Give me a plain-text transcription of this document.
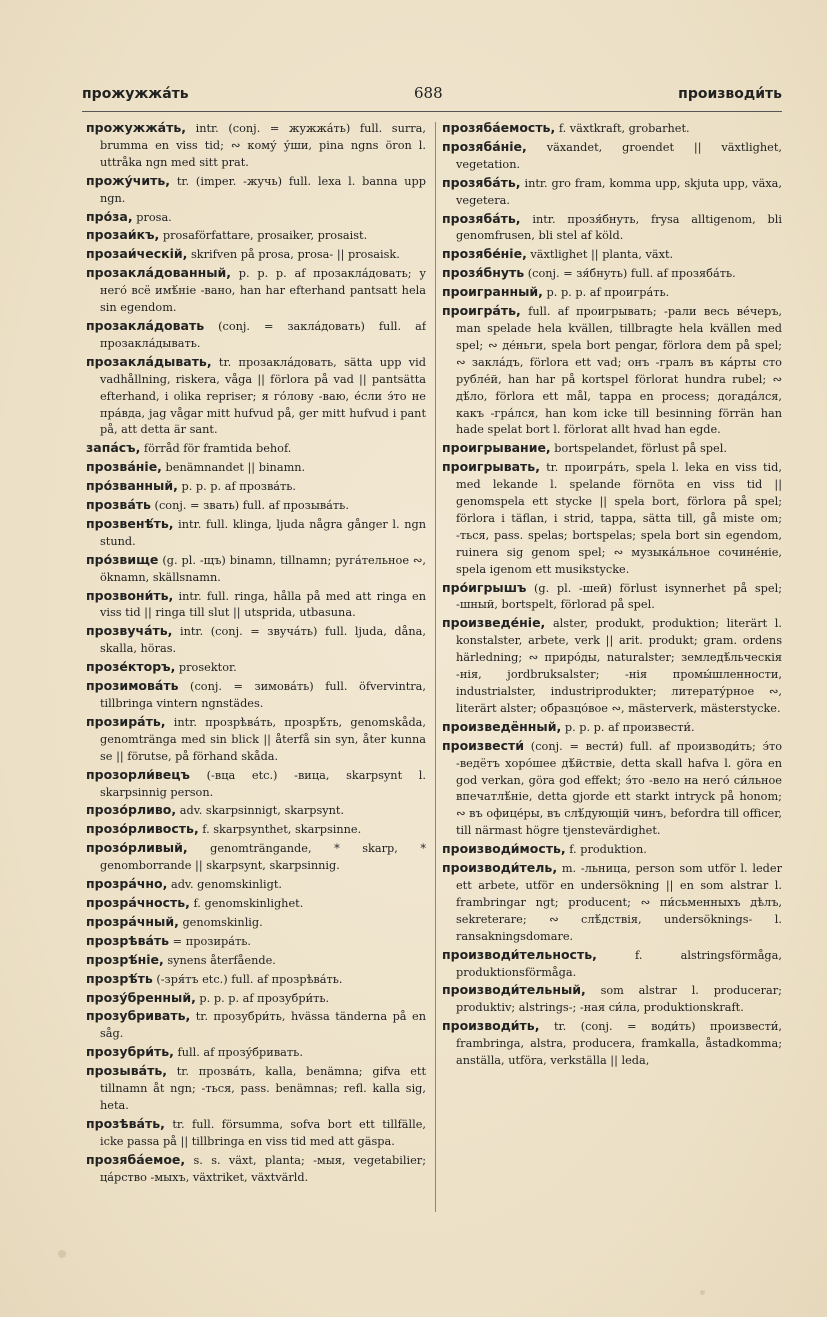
прожужжáть	688	производи́ть

прожужжáть, intr. (conj. = жужжáть) full. surra, brumma en viss tid; ∾ кому́ у́ши, pina ngns öron l. uttråka ngn med sitt prat.

прожу́чить, tr. (imper. -жучь) full. lexa l. banna upp ngn.

про́за, prosa.

прозаи́къ, prosaförfattare, prosaiker, prosaist.

прозаи́ческій, skrifven på prosa, prosa- || prosaisk.

прозаклáдованный, p. p. p. af прозаклáдовать; у него́ всё имѣ́ніе -вано, han har efterhand pantsatt hela sin egendom.

прозаклáдовать (conj. = заклáдовать) full. af прозаклáдывать.

прозаклáдывать, tr. прозаклáдовать, sätta upp vid vadhållning, riskera, våga || förlora på vad || pantsätta efterhand, i olika repriser; я го́лову -ваю, е́сли э́то не прáвда, jag vågar mitt hufvud på, ger mitt hufvud i pant på, att detta är sant.

запáсъ, förråd för framtida behof.

прозвáніе, benämnandet || binamn.

про́званный, p. p. p. af прозвáть.

прозвáть (conj. = звать) full. af прозывáть.

прозвенѣ́ть, intr. full. klinga, ljuda några gånger l. ngn stund.

про́звище (g. pl. -щъ) binamn, tillnamn; ругáтельное ∾, öknamn, skällsnamn.

прозвони́ть, intr. full. ringa, hålla på med att ringa en viss tid || ringa till slut || utsprida, utbasuna.

прозвучáть, intr. (conj. = звучáть) full. ljuda, dåna, skalla, höras.

прозе́кторъ, prosektor.

прозимовáть (conj. = зимовáть) full. öfvervintra, tillbringa vintern ngnstädes.

прозирáть, intr. прозрѣвáть, прозрѣ́ть, genomskåda, genomtränga med sin blick || återfå sin syn, åter kunna se || förutse, på förhand skåda.

прозорли́вецъ (-вца etc.) -вица, skarpsynt l. skarpsinnig person.

прозо́рливо, adv. skarpsinnigt, skarpsynt.

прозо́рливость, f. skarpsynthet, skarpsinne.

прозо́рливый, genomträngande, * skarp, * genomborrande || skarpsynt, skarpsinnig.

прозрáчно, adv. genomskinligt.

прозрáчность, f. genomskinlighet.

прозрáчный, genomskinlig.

прозрѣвáть = прозирáть.

прозрѣ́ніе, synens återfående.

прозрѣ́ть (-зря́тъ etc.) full. af прозрѣвáть.

прозу́бренный, p. p. p. af прозубри́ть.

прозубривать, tr. прозубри́ть, hvässa tänderna på en såg.

прозубри́ть, full. af прозу́бривать.

прозывáть, tr. прозвáть, kalla, benämna; gifva ett tillnamn åt ngn; -ться, pass. benämnas; refl. kalla sig, heta.

прозѣвáть, tr. full. försumma, sofva bort ett tillfälle, icke passa på || tillbringa en viss tid med att gäspa.

прозябáемое, s. s. växt, planta; -мыя, vegetabilier; цáрство -мыхъ, växtriket, växtvärld.

прозябáемость, f. växtkraft, grobarhet.

прозябáніе, växandet, groendet || växtlighet, vegetation.

прозябáть, intr. gro fram, komma upp, skjuta upp, växa, vegetera.

прозябáть, intr. прозя́бнуть, frysa alltigenom, bli genomfrusen, bli stel af köld.

прозябе́ніе, växtlighet || planta, växt.

прозя́бнуть (conj. = зя́бнуть) full. af прозябáть.

проигранный, p. p. p. af проигрáть.

проигрáть, full. af проигрывать; -рали весь ве́черъ, man spelade hela kvällen, tillbragte hela kvällen med spel; ∾ де́ньги, spela bort pengar, förlora dem på spel; ∾ заклáдъ, förlora ett vad; онъ -гралъ въ кáрты сто рубле́й, han har på kortspel förlorat hundra rubel; ∾ дѣ́ло, förlora ett mål, tappa en process; догадáлся, какъ -грáлся, han kom icke till besinning förrän han hade spelat bort l. förlorat allt hvad han egde.

проигрывание, bortspelandet, förlust på spel.

проигрывать, tr. проигрáть, spela l. leka en viss tid, med lekande l. spelande förnöta en viss tid || genomspela ett stycke || spela bort, förlora på spel; förlora i täflan, i strid, tappa, sätta till, gå miste om; -ться, pass. spelas; bortspelas; spela bort sin egendom, ruinera sig genom spel; ∾ музыкáльное сочине́ніе, spela igenom ett musikstycke.

про́игрышъ (g. pl. -шей) förlust isynnerhet på spel; -шный, bortspelt, förlorad på spel.

произведе́ніе, alster, produkt, produktion; literärt l. konstalster, arbete, verk || arit. produkt; gram. ordens härledning; ∾ приро́ды, naturalster; земледѣ́льческія -нія, jordbruksalster; -нія промы́шленности, industrialster, industriprodukter; литерату́рное ∾, literärt alster; образцо́вое ∾, mästerverk, mästerstycke.

произведённый, p. p. p. af произвести́.

произвести́ (conj. = вести́) full. af производи́ть; э́то -ведётъ хоро́шее дѣ́йствіе, detta skall hafva l. göra en god verkan, göra god effekt; э́то -вело на него́ си́льное впечатлѣ́ніе, detta gjorde ett starkt intryck på honom; ∾ въ офице́ры, въ слѣ́дующій чинъ, befordra till officer, till närmast högre tjenstevärdighet.

производи́мость, f. produktion.

производи́тель, m. -льница, person som utför l. leder ett arbete, utför en undersökning || en som alstrar l. frambringar ngt; producent; ∾ пи́сьменныхъ дѣлъ, sekreterare; ∾ слѣ́дствія, undersöknings- l. ransakningsdomare.

производи́тельность,	f. alstringsförmåga, produktionsförmåga.

производи́тельный, som alstrar l. producerar; produktiv; alstrings-; -ная си́ла, produktionskraft.

производи́ть, tr. (conj. = води́ть) произвести́, frambringa, alstra, producera, framkalla, åstadkomma; anställa, utföra, verkställa || leda,
